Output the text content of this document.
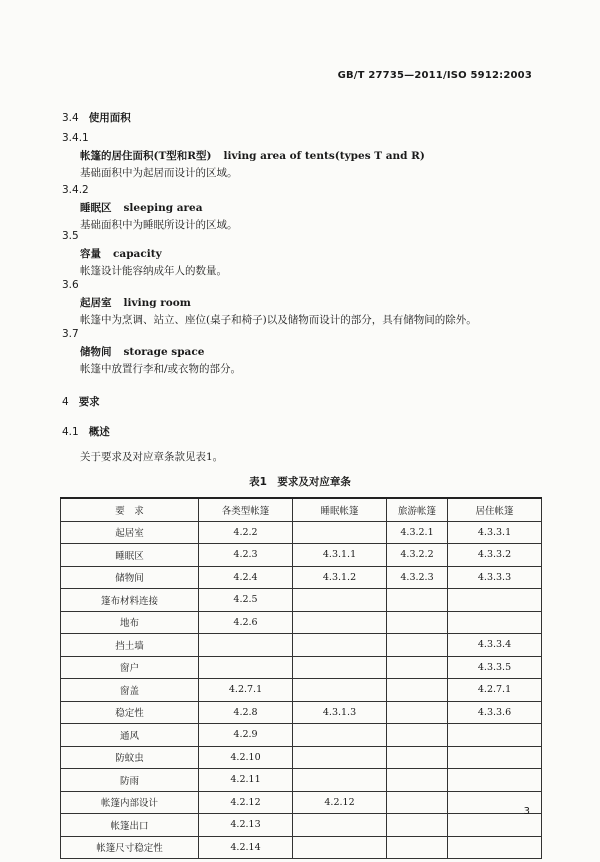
GB/T 27735—2011/ISO 5912:2003
3.4 使用面积
3.4.1
帐篷的居住面积(T型和R型) living area of tents(types T and R)
基础面积中为起居而设计的区域。
3.4.2
睡眠区 sleeping area
基础面积中为睡眠所设计的区域。
3.5
容量 capacity
帐篷设计能容纳成年人的数量。
3.6
起居室 living room
帐篷中为烹调、站立、座位(桌子和椅子)以及储物而设计的部分，具有储物间的除外。
3.7
储物间 storage space
帐篷中放置行李和/或衣物的部分。
4 要求
4.1 概述
关于要求及对应章条款见表1。
表1　要求及对应章条
要　求	各类型帐篷	睡眠帐篷	旅游帐篷	居住帐篷
起居室	4.2.2		4.3.2.1	4.3.3.1
睡眠区	4.2.3	4.3.1.1	4.3.2.2	4.3.3.2
储物间	4.2.4	4.3.1.2	4.3.2.3	4.3.3.3
篷布材料连接	4.2.5			
地布	4.2.6			
挡土墙				4.3.3.4
窗户				4.3.3.5
窗盖	4.2.7.1			4.2.7.1
稳定性	4.2.8	4.3.1.3		4.3.3.6
通风	4.2.9			
防蚊虫	4.2.10			
防雨	4.2.11			
帐篷内部设计	4.2.12	4.2.12		
帐篷出口	4.2.13			
帐篷尺寸稳定性	4.2.14			
3
